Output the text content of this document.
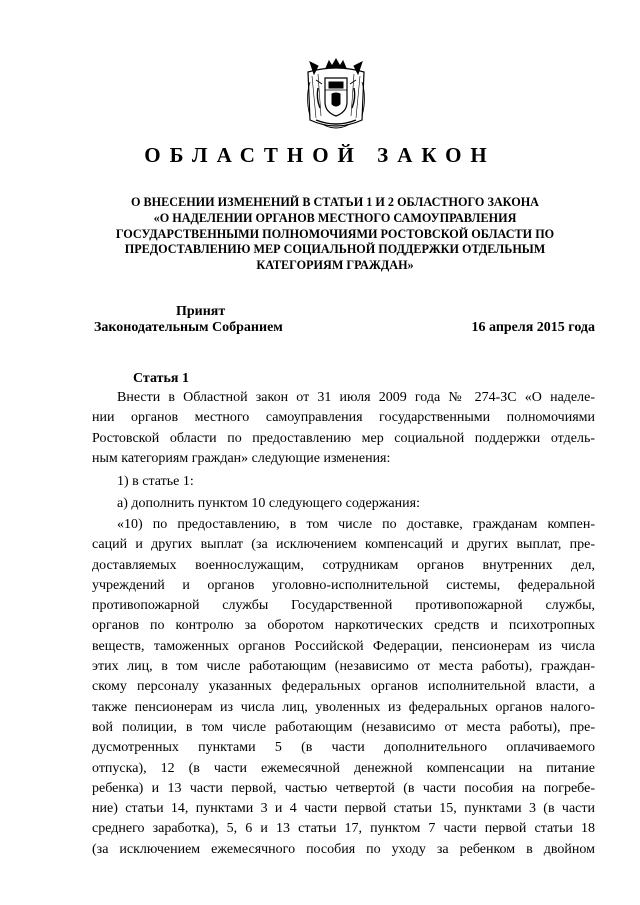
ОБЛАСТНОЙ ЗАКОН
О ВНЕСЕНИИ ИЗМЕНЕНИЙ В СТАТЬИ 1 И 2 ОБЛАСТНОГО ЗАКОНА
«О НАДЕЛЕНИИ ОРГАНОВ МЕСТНОГО САМОУПРАВЛЕНИЯ
ГОСУДАРСТВЕННЫМИ ПОЛНОМОЧИЯМИ РОСТОВСКОЙ ОБЛАСТИ ПО
ПРЕДОСТАВЛЕНИЮ МЕР СОЦИАЛЬНОЙ ПОДДЕРЖКИ ОТДЕЛЬНЫМ
КАТЕГОРИЯМ ГРАЖДАН»
Принят
Законодательным Собранием	16 апреля 2015 года
Статья 1
Внести в Областной закон от 31 июля 2009 года № 274-ЗС «О наделе-
нии органов местного самоуправления государственными полномочиями
Ростовской области по предоставлению мер социальной поддержки отдель-
ным категориям граждан» следующие изменения:
1) в статье 1:
а) дополнить пунктом 10 следующего содержания:
«10) по предоставлению, в том числе по доставке, гражданам компен-
саций и других выплат (за исключением компенсаций и других выплат, пре-
доставляемых военнослужащим, сотрудникам органов внутренних дел,
учреждений и органов уголовно-исполнительной системы, федеральной
противопожарной службы Государственной противопожарной службы,
органов по контролю за оборотом наркотических средств и психотропных
веществ, таможенных органов Российской Федерации, пенсионерам из числа
этих лиц, в том числе работающим (независимо от места работы), граждан-
скому персоналу указанных федеральных органов исполнительной власти, а
также пенсионерам из числа лиц, уволенных из федеральных органов налого-
вой полиции, в том числе работающим (независимо от места работы), пре-
дусмотренных пунктами 5 (в части дополнительного оплачиваемого
отпуска), 12 (в части ежемесячной денежной компенсации на питание
ребенка) и 13 части первой, частью четвертой (в части пособия на погребе-
ние) статьи 14, пунктами 3 и 4 части первой статьи 15, пунктами 3 (в части
среднего заработка), 5, 6 и 13 статьи 17, пунктом 7 части первой статьи 18
(за исключением ежемесячного пособия по уходу за ребенком в двойном
